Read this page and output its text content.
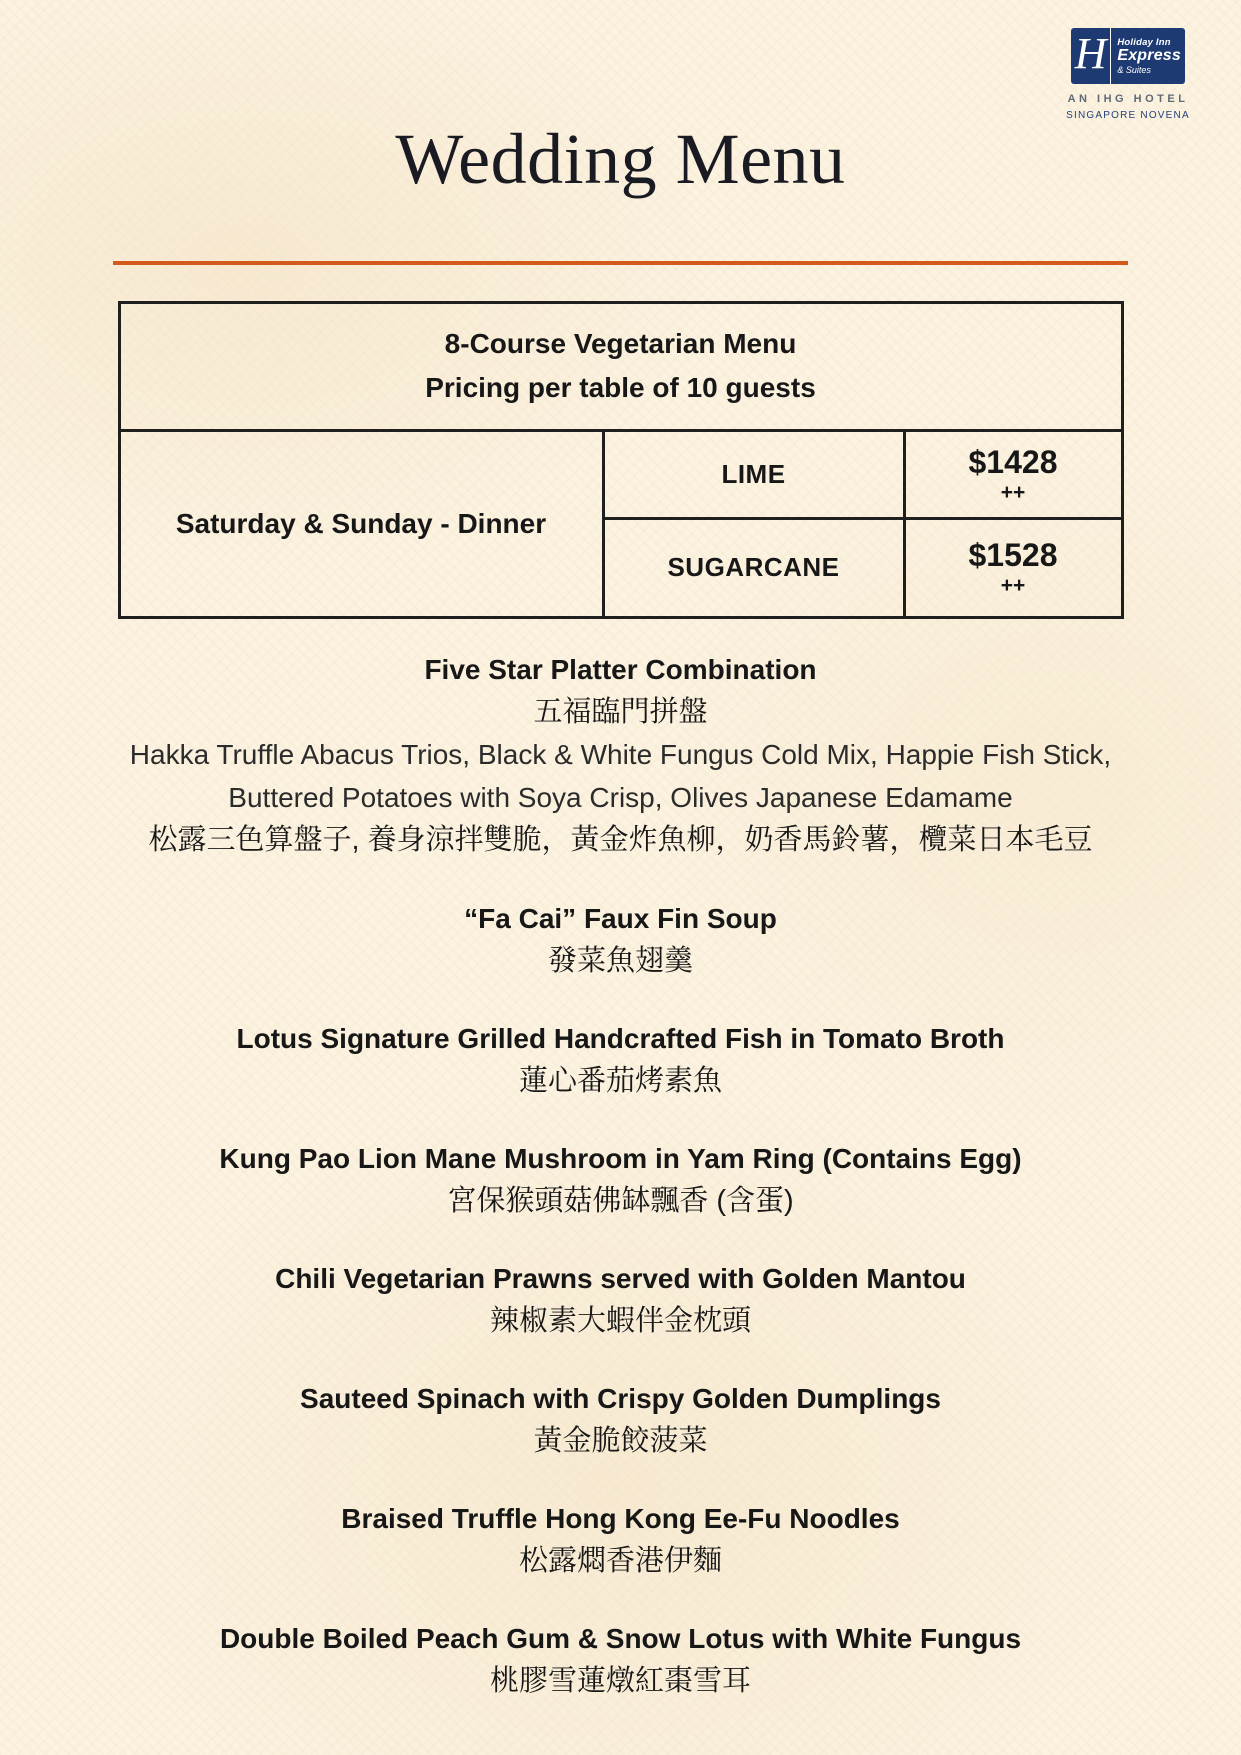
H	Holiday Inn
Express
& Suites
AN IHG HOTEL
SINGAPORE NOVENA
Wedding Menu
8-Course Vegetarian Menu
Pricing per table of 10 guests
Saturday & Sunday - Dinner
LIME	$1428
++
SUGARCANE	$1528
++
Five Star Platter Combination
五福臨門拼盤
Hakka Truffle Abacus Trios, Black & White Fungus Cold Mix, Happie Fish Stick,
Buttered Potatoes with Soya Crisp, Olives Japanese Edamame
松露三色算盤子, 養身涼拌雙脆，黃金炸魚柳，奶香馬鈴薯，欖菜日本毛豆
“Fa Cai” Faux Fin Soup
發菜魚翅羹
Lotus Signature Grilled Handcrafted Fish in Tomato Broth
蓮心番茄烤素魚
Kung Pao Lion Mane Mushroom in Yam Ring (Contains Egg)
宮保猴頭菇佛缽飄香 (含蛋)
Chili Vegetarian Prawns served with Golden Mantou
辣椒素大蝦伴金枕頭
Sauteed Spinach with Crispy Golden Dumplings
黃金脆餃菠菜
Braised Truffle Hong Kong Ee-Fu Noodles
松露燜香港伊麵
Double Boiled Peach Gum & Snow Lotus with White Fungus
桃膠雪蓮燉紅棗雪耳
